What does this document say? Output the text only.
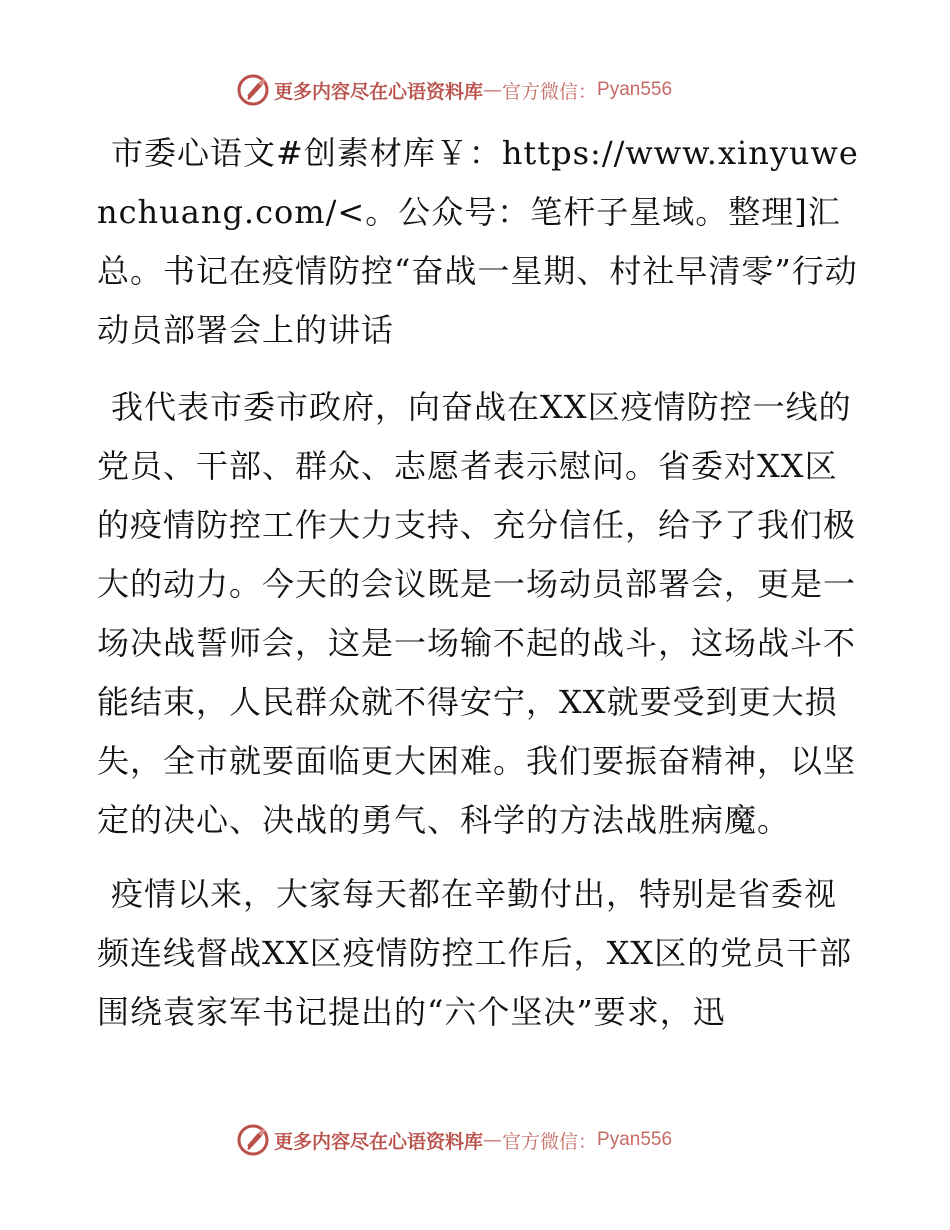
更多内容尽在心语资料库 — 官方微信： Pyan556

市委心语文#创素材库￥：https://www.xinyuwenchuang.com/<。公众号：笔杆子星域。整理]汇总。书记在疫情防控“奋战一星期、村社早清零”行动动员部署会上的讲话

我代表市委市政府，向奋战在XX区疫情防控一线的党员、干部、群众、志愿者表示慰问。省委对XX区的疫情防控工作大力支持、充分信任，给予了我们极大的动力。今天的会议既是一场动员部署会，更是一场决战誓师会，这是一场输不起的战斗，这场战斗不能结束，人民群众就不得安宁，XX就要受到更大损失，全市就要面临更大困难。我们要振奋精神，以坚定的决心、决战的勇气、科学的方法战胜病魔。

疫情以来，大家每天都在辛勤付出，特别是省委视频连线督战XX区疫情防控工作后，XX区的党员干部围绕袁家军书记提出的“六个坚决”要求，迅

更多内容尽在心语资料库 — 官方微信： Pyan556
